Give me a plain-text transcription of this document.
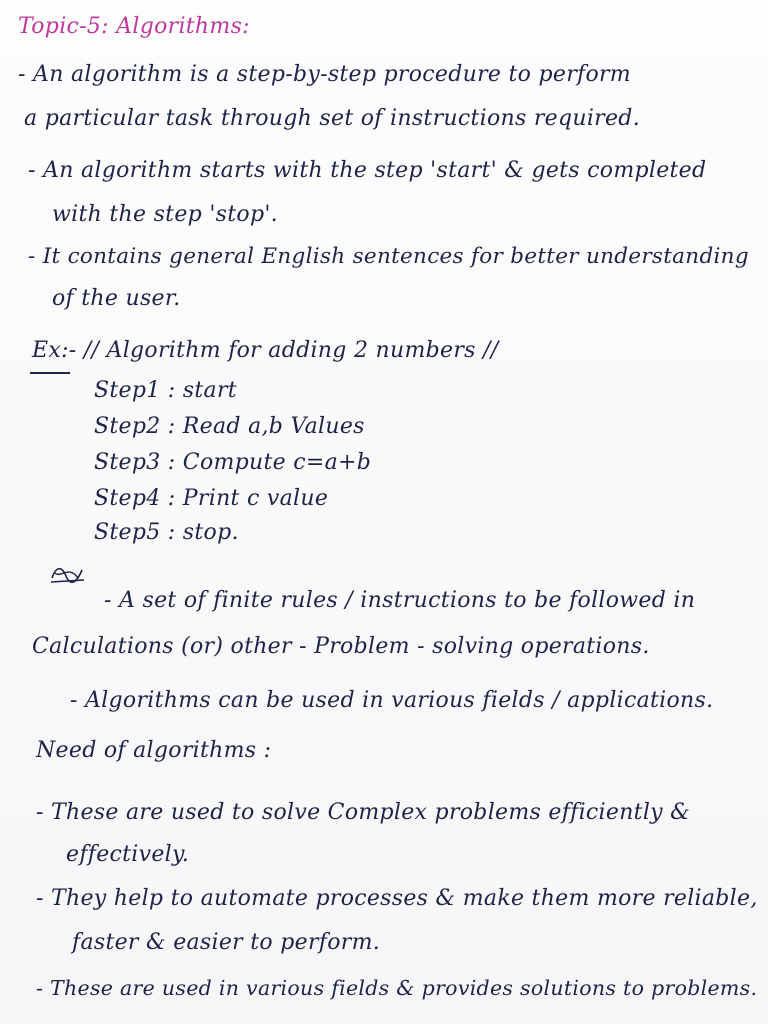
Topic-5: Algorithms:
- An algorithm is a step-by-step procedure to perform
a particular task through set of instructions required.
- An algorithm starts with the step 'start' & gets completed
with the step 'stop'.
- It contains general English sentences for better understanding
of the user.
Ex:- // Algorithm for adding 2 numbers //
Step1 : start
Step2 : Read a,b Values
Step3 : Compute c=a+b
Step4 : Print c value
Step5 : stop.
- A set of finite rules / instructions to be followed in
Calculations (or) other - Problem - solving operations.
- Algorithms can be used in various fields / applications.
Need of algorithms :
- These are used to solve Complex problems efficiently &
effectively.
- They help to automate processes & make them more reliable,
faster & easier to perform.
- These are used in various fields & provides solutions to problems.
